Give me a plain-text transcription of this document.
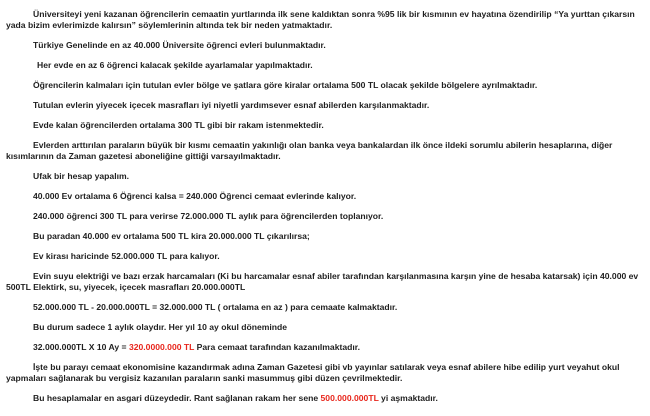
Üniversiteyi yeni kazanan öğrencilerin cemaatin yurtlarında ilk sene kaldıktan sonra %95 lik bir kısmının ev hayatına özendirilip “Ya yurttan çıkarsın yada bizim evlerimizde kalırsın” söylemlerinin altında tek bir neden yatmaktadır.

Türkiye Genelinde en az 40.000 Üniversite öğrenci evleri bulunmaktadır.

Her evde en az 6 öğrenci kalacak şekilde ayarlamalar yapılmaktadır.

Öğrencilerin kalmaları için tutulan evler bölge ve şatlara göre kiralar ortalama 500 TL olacak şekilde bölgelere ayrılmaktadır.

Tutulan evlerin yiyecek içecek masrafları iyi niyetli yardımsever esnaf abilerden karşılanmaktadır.

Evde kalan öğrencilerden ortalama 300 TL gibi bir rakam istenmektedir.

Evlerden arttırılan paraların büyük bir kısmı cemaatin yakınlığı olan banka veya bankalardan ilk önce ildeki sorumlu abilerin hesaplarına, diğer kısımlarının da Zaman gazetesi aboneliğine gittiği varsayılmaktadır.

Ufak bir hesap yapalım.

40.000 Ev ortalama 6 Öğrenci kalsa = 240.000 Öğrenci cemaat evlerinde kalıyor.

240.000 öğrenci 300 TL para verirse 72.000.000 TL aylık para öğrencilerden toplanıyor.

Bu paradan 40.000 ev ortalama 500 TL kira 20.000.000 TL çıkarılırsa;

Ev kirası haricinde 52.000.000 TL para kalıyor.

Evin suyu elektriği ve bazı erzak harcamaları (Ki bu harcamalar esnaf abiler tarafından karşılanmasına karşın yine de hesaba katarsak) için 40.000 ev 500TL Elektirk, su, yiyecek, içecek masrafları 20.000.000TL

52.000.000 TL - 20.000.000TL = 32.000.000 TL ( ortalama en az ) para cemaate kalmaktadır.

Bu durum sadece 1 aylık olaydır. Her yıl 10 ay okul döneminde

32.000.000TL X 10 Ay = 320.0000.000 TL Para cemaat tarafından kazanılmaktadır.

İşte bu parayı cemaat ekonomisine kazandırmak adına Zaman Gazetesi gibi vb yayınlar satılarak veya esnaf abilere hibe edilip yurt veyahut okul yapmaları sağlanarak bu vergisiz kazanılan paraların sanki masummuş gibi düzen çevrilmektedir.

Bu hesaplamalar en asgari düzeydedir. Rant sağlanan rakam her sene 500.000.000TL yi aşmaktadır.
